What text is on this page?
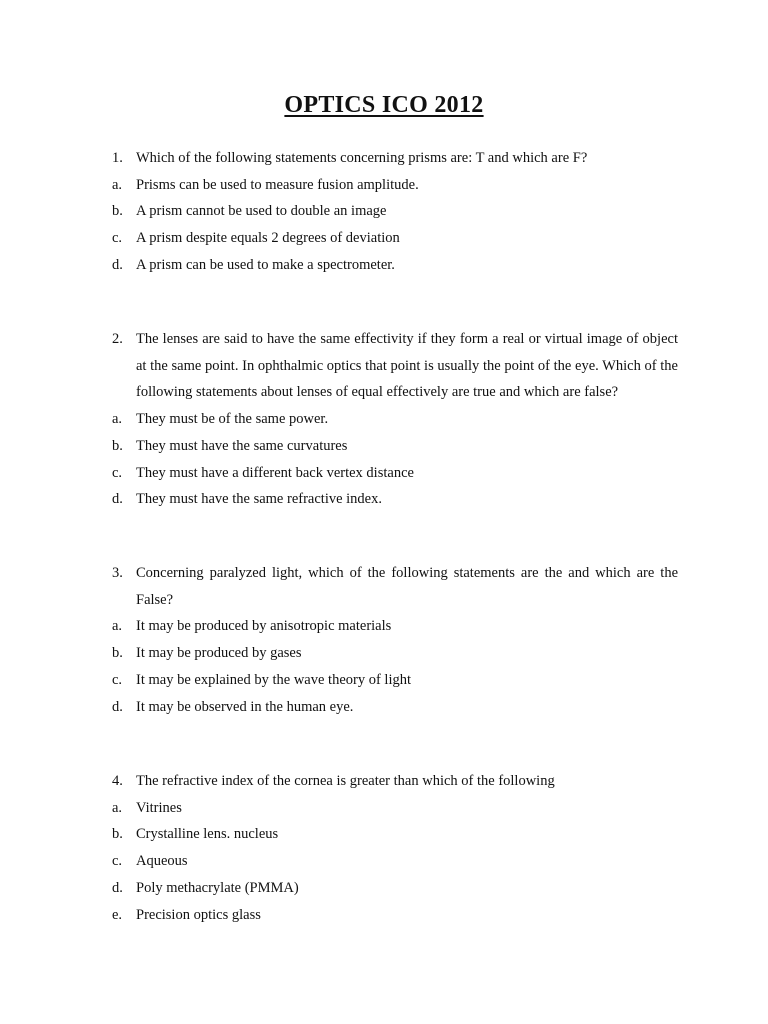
OPTICS ICO 2012
1. Which of the following statements concerning prisms are: T and which are F?
a. Prisms can be used to measure fusion amplitude.
b. A prism cannot be used to double an image
c. A prism despite equals 2 degrees of deviation
d. A prism can be used to make a spectrometer.
2. The lenses are said to have the same effectivity if they form a real or virtual image of object at the same point. In ophthalmic optics that point is usually the point of the eye. Which of the following statements about lenses of equal effectively are true and which are false?
a. They must be of the same power.
b. They must have the same curvatures
c. They must have a different back vertex distance
d. They must have the same refractive index.
3. Concerning paralyzed light, which of the following statements are the and which are the False?
a. It may be produced by anisotropic materials
b. It may be produced by gases
c. It may be explained by the wave theory of light
d. It may be observed in the human eye.
4. The refractive index of the cornea is greater than which of the following
a. Vitrines
b. Crystalline lens. nucleus
c. Aqueous
d. Poly methacrylate (PMMA)
e. Precision optics glass
